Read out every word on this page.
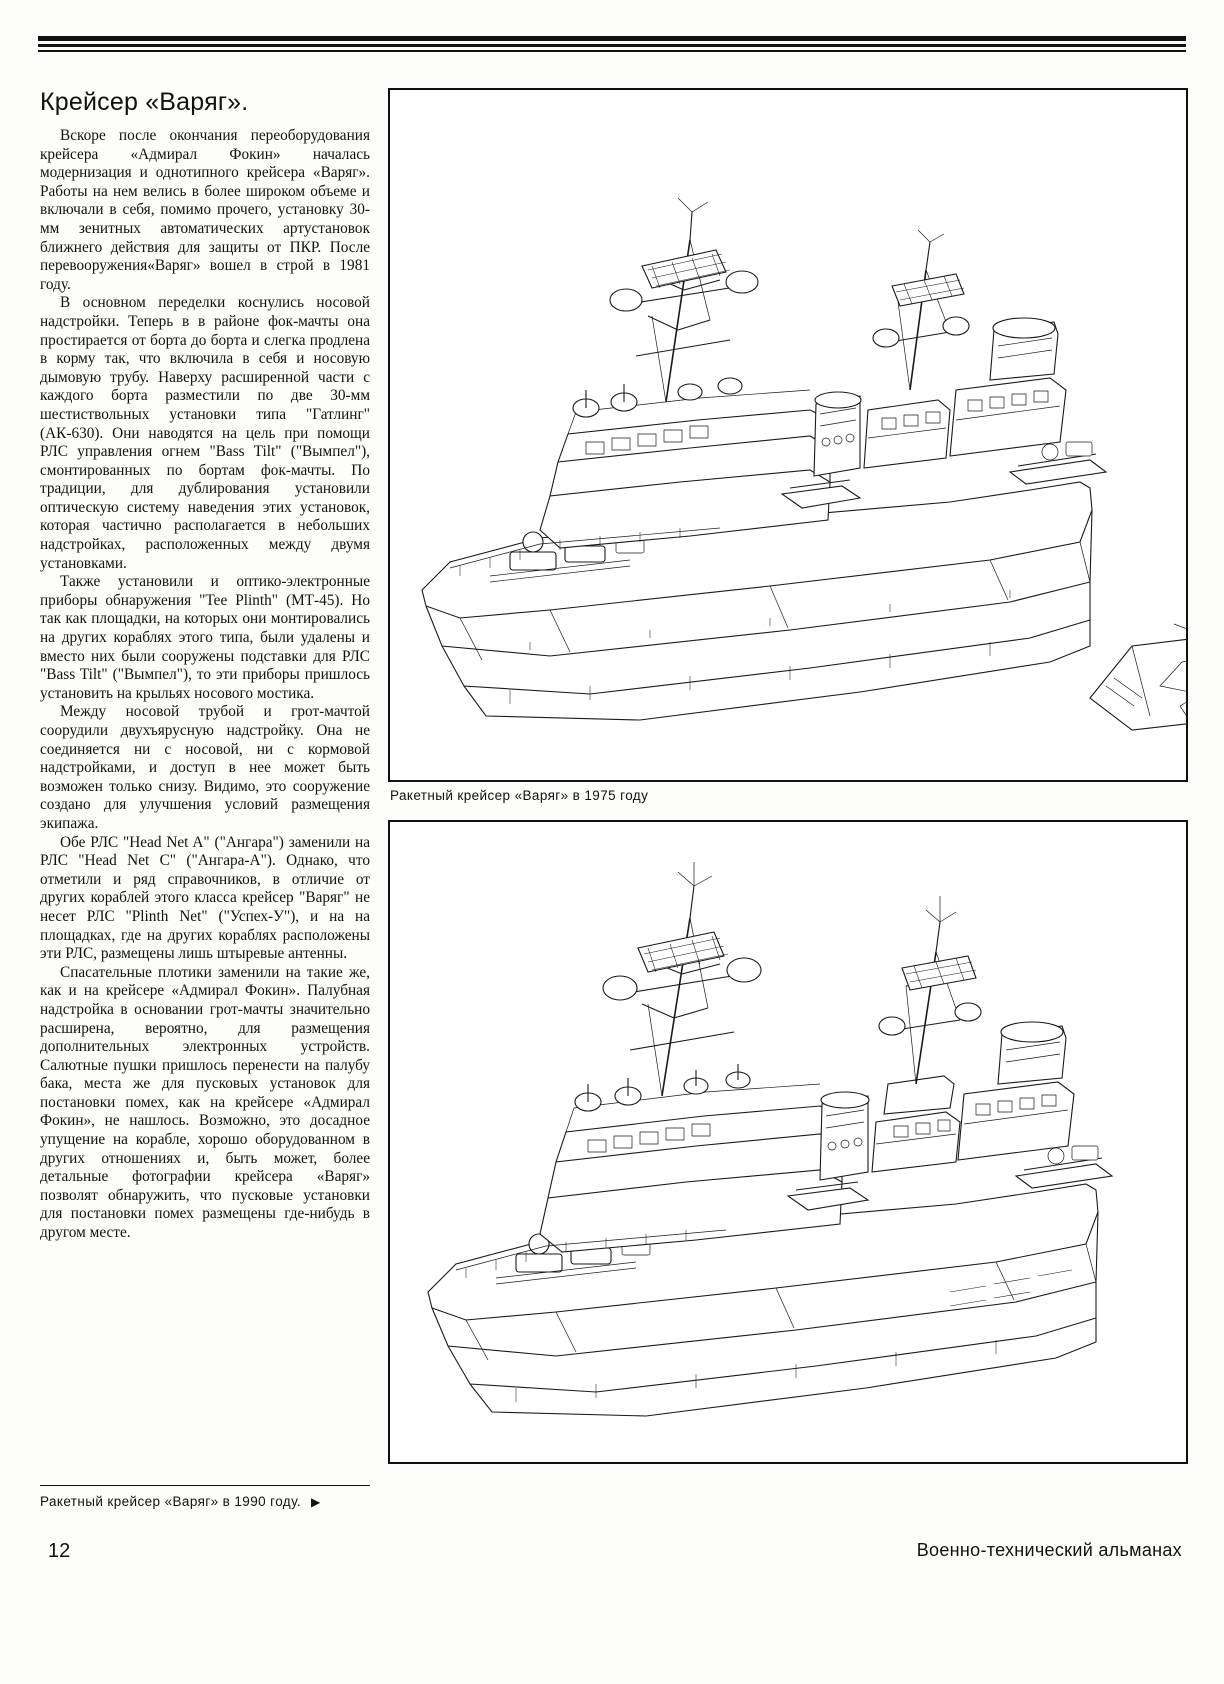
Крейсер «Варяг».

Вскоре после окончания переоборудования крейсера «Адмирал Фокин» началась модернизация и однотипного крейсера «Варяг». Работы на нем велись в более широком объеме и включали в себя, помимо прочего, установку 30-мм зенитных автоматических артустановок ближнего действия для защиты от ПКР. После перевооружения«Варяг» вошел в строй в 1981 году.

В основном переделки коснулись носовой надстройки. Теперь в в районе фок-мачты она простирается от борта до борта и слегка продлена в корму так, что включила в себя и носовую дымовую трубу. Наверху расширенной части с каждого борта разместили по две 30-мм шестиствольных установки типа "Гатлинг" (АК-630). Они наводятся на цель при помощи РЛС управления огнем "Bass Tilt" ("Вымпел"), смонтированных по бортам фок-мачты. По традиции, для дублирования установили оптическую систему наведения этих установок, которая частично располагается в небольших надстройках, расположенных между двумя установками.

Также установили и оптико-электронные приборы обнаружения "Tee Plinth" (МТ-45). Но так как площадки, на которых они монтировались на других кораблях этого типа, были удалены и вместо них были сооружены подставки для РЛС "Bass Tilt" ("Вымпел"), то эти приборы пришлось установить на крыльях носового мостика.

Между носовой трубой и грот-мачтой соорудили двухъярусную надстройку. Она не соединяется ни с носовой, ни с кормовой надстройками, и доступ в нее может быть возможен только снизу. Видимо, это сооружение создано для улучшения условий размещения экипажа.

Обе РЛС "Head Net A" ("Ангара") заменили на РЛС "Head Net C" ("Ангара-А"). Однако, что отметили и ряд справочников, в отличие от других кораблей этого класса крейсер "Варяг" не несет РЛС "Plinth Net" ("Успех-У"), и на на площадках, где на других кораблях расположены эти РЛС, размещены лишь штыревые антенны.

Спасательные плотики заменили на такие же, как и на крейсере «Адмирал Фокин». Палубная надстройка в основании грот-мачты значительно расширена, вероятно, для размещения дополнительных электронных устройств. Салютные пушки пришлось перенести на палубу бака, места же для пусковых установок для постановки помех, как на крейсере «Адмирал Фокин», не нашлось. Возможно, это досадное упущение на корабле, хорошо оборудованном в других отношениях и, быть может, более детальные фотографии крейсера «Варяг» позволят обнаружить, что пусковые установки для постановки помех размещены где-нибудь в другом месте.

Ракетный крейсер «Варяг» в 1990 году. ▶
Ракетный крейсер «Варяг» в 1975 году
12	Военно-технический альманах
